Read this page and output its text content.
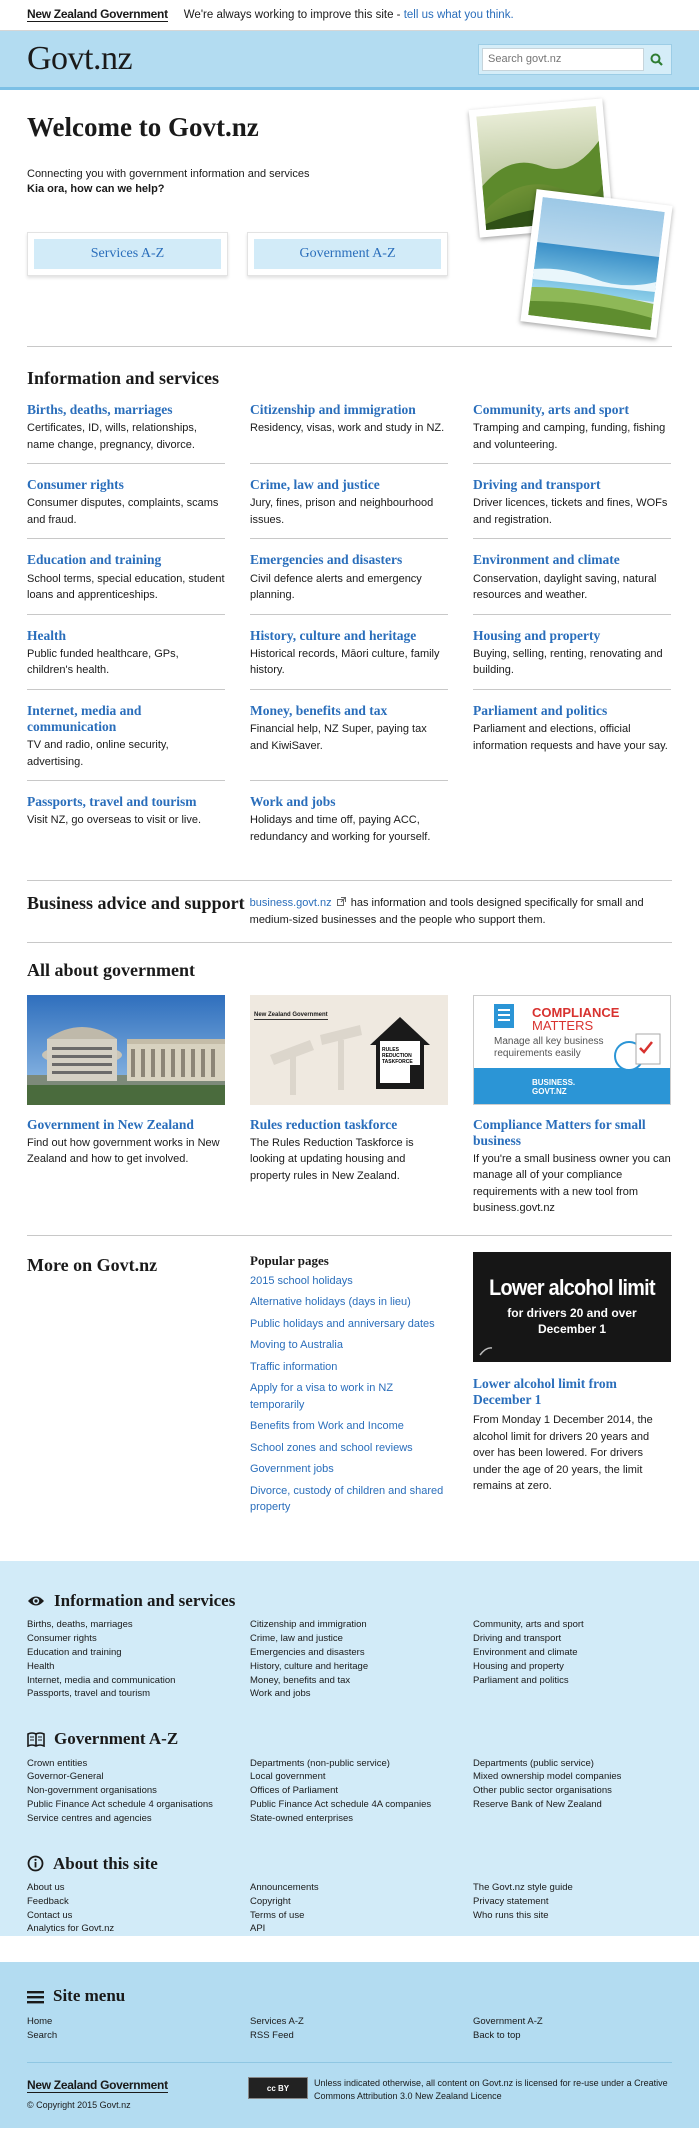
New Zealand Government We're always working to improve this site - tell us what you think.
Govt.nz
Search govt.nz
Welcome to Govt.nz
Connecting you with government information and services
Kia ora, how can we help?
Services A-Z	Government A-Z
Information and services
Births, deaths, marriages

Certificates, ID, wills, relationships, name change, pregnancy, divorce.

Citizenship and immigration

Residency, visas, work and study in NZ.

Community, arts and sport

Tramping and camping, funding, fishing and volunteering.

Consumer rights

Consumer disputes, complaints, scams and fraud.

Crime, law and justice

Jury, fines, prison and neighbourhood issues.

Driving and transport

Driver licences, tickets and fines, WOFs and registration.

Education and training

School terms, special education, student loans and apprenticeships.

Emergencies and disasters

Civil defence alerts and emergency planning.

Environment and climate

Conservation, daylight saving, natural resources and weather.

Health

Public funded healthcare, GPs, children's health.

History, culture and heritage

Historical records, Māori culture, family history.

Housing and property

Buying, selling, renting, renovating and building.

Internet, media and communication

TV and radio, online security, advertising.

Money, benefits and tax

Financial help, NZ Super, paying tax and KiwiSaver.

Parliament and politics

Parliament and elections, official information requests and have your say.

Passports, travel and tourism

Visit NZ, go overseas to visit or live.

Work and jobs

Holidays and time off, paying ACC, redundancy and working for yourself.

Business advice and support business.govt.nz  has information and tools designed specifically for small and medium-sized businesses and the people who support them.

All about government
Government in New Zealand

Find out how government works in New Zealand and how to get involved.

New Zealand Government
RULES REDUCTION TASKFORCE
Rules reduction taskforce

The Rules Reduction Taskforce is looking at updating housing and property rules in New Zealand.

COMPLIANCE
MATTERS
Manage all key business requirements easily
BUSINESS. GOVT.NZ
Compliance Matters for small business

If you're a small business owner you can manage all of your compliance requirements with a new tool from business.govt.nz

More on Govt.nz	Popular pages
2015 school holidays
Alternative holidays (days in lieu)
Public holidays and anniversary dates
Moving to Australia
Traffic information
Apply for a visa to work in NZ temporarily
Benefits from Work and Income
School zones and school reviews
Government jobs
Divorce, custody of children and shared property
Lower alcohol limit
for drivers 20 and over
December 1
Lower alcohol limit from December 1

From Monday 1 December 2014, the alcohol limit for drivers 20 years and over has been lowered. For drivers under the age of 20 years, the limit remains at zero.

Information and services
Births, deaths, marriages
Consumer rights
Education and training
Health
Internet, media and communication
Passports, travel and tourism
Citizenship and immigration
Crime, law and justice
Emergencies and disasters
History, culture and heritage
Money, benefits and tax
Work and jobs
Community, arts and sport
Driving and transport
Environment and climate
Housing and property
Parliament and politics
Government A-Z
Crown entities
Governor-General
Non-government organisations
Public Finance Act schedule 4 organisations
Service centres and agencies
Departments (non-public service)
Local government
Offices of Parliament
Public Finance Act schedule 4A companies
State-owned enterprises
Departments (public service)
Mixed ownership model companies
Other public sector organisations
Reserve Bank of New Zealand
About this site
About us
Feedback
Contact us
Analytics for Govt.nz
Announcements
Copyright
Terms of use
API
The Govt.nz style guide
Privacy statement
Who runs this site
Site menu
Home
Search
Services A-Z
RSS Feed
Government A-Z
Back to top
New Zealand Government
© Copyright 2015 Govt.nz
cc BY	Unless indicated otherwise, all content on Govt.nz is licensed for re-use under a Creative Commons Attribution 3.0 New Zealand Licence
